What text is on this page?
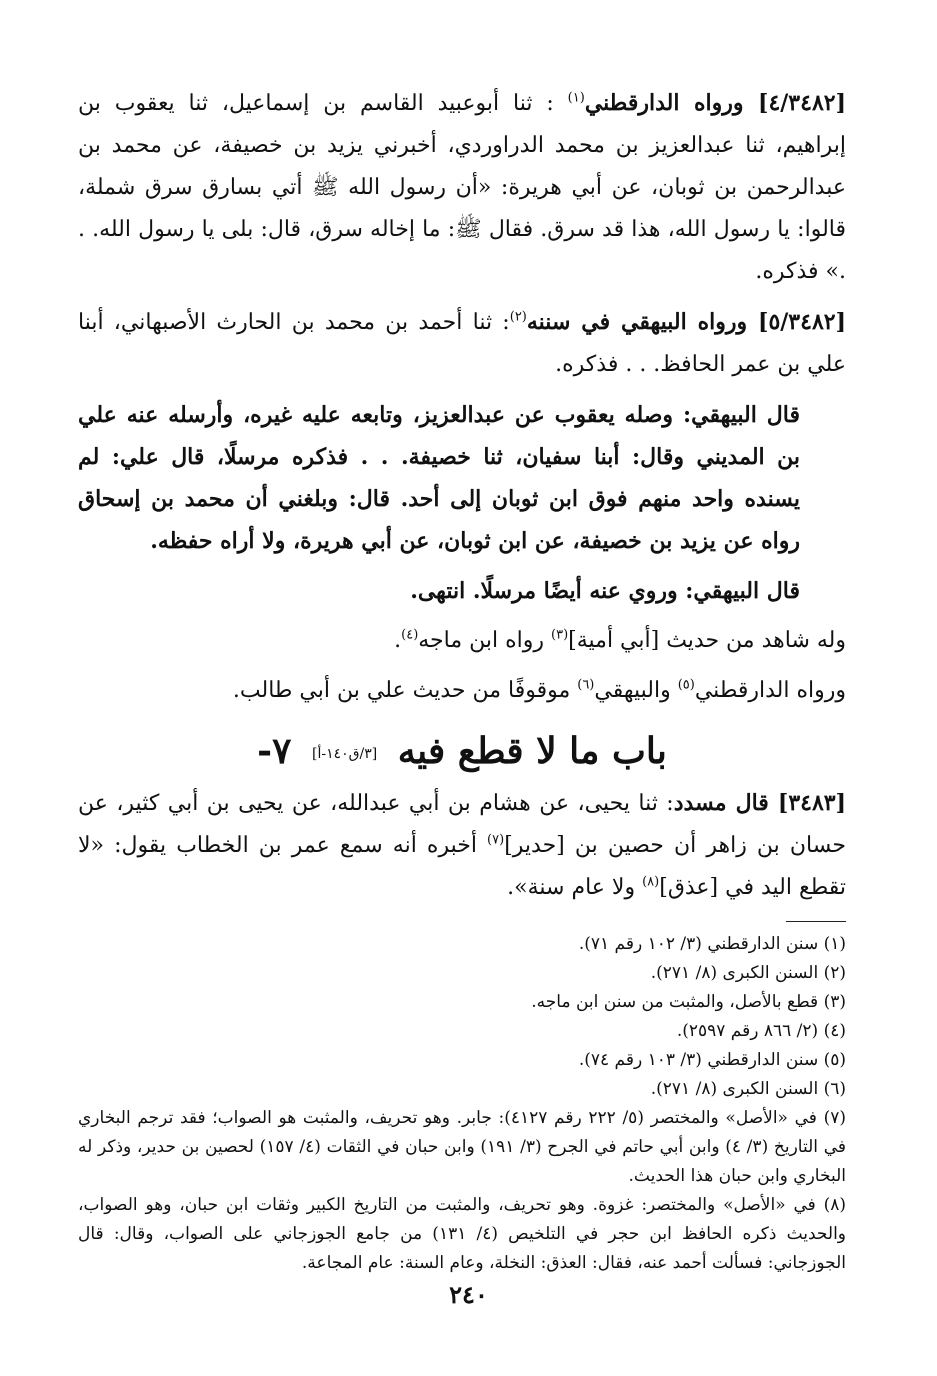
[٤/٣٤٨٢] ورواه الدارقطني$^{(١)}$ : ثنا أبوعبيد القاسم بن إسماعيل، ثنا يعقوب بن إبراهيم، ثنا عبدالعزيز بن محمد الدراوردي، أخبرني يزيد بن خصيفة، عن محمد بن عبدالرحمن بن ثوبان، عن أبي هريرة: «أن رسول الله ﷺ أتي بسارق سرق شملة، قالوا: يا رسول الله، هذا قد سرق. فقال ﷺ: ما إخاله سرق، قال: بلى يا رسول الله. . .» فذكره.

[٥/٣٤٨٢] ورواه البيهقي في سننه$^{(٢)}$: ثنا أحمد بن محمد بن الحارث الأصبهاني، أبنا علي بن عمر الحافظ. . . فذكره.

قال البيهقي: وصله يعقوب عن عبدالعزيز، وتابعه عليه غيره، وأرسله عنه علي بن المديني وقال: أبنا سفيان، ثنا خصيفة. . . فذكره مرسلًا، قال علي: لم يسنده واحد منهم فوق ابن ثوبان إلى أحد. قال: وبلغني أن محمد بن إسحاق رواه عن يزيد بن خصيفة، عن ابن ثوبان، عن أبي هريرة، ولا أراه حفظه.

قال البيهقي: وروي عنه أيضًا مرسلًا. انتهى.

وله شاهد من حديث [أبي أمية]$^{(٣)}$ رواه ابن ماجه$^{(٤)}$.

ورواه الدارقطني$^{(٥)}$ والبيهقي$^{(٦)}$ موقوفًا من حديث علي بن أبي طالب.

باب ما لا قطع فيه [٣/ق١٤٠-أ] ٧-

[٣٤٨٣] قال مسدد: ثنا يحيى، عن هشام بن أبي عبدالله، عن يحيى بن أبي كثير، عن حسان بن زاهر أن حصين بن [حدير]$^{(٧)}$ أخبره أنه سمع عمر بن الخطاب يقول: «لا تقطع اليد في [عذق]$^{(٨)}$ ولا عام سنة».

(١) سنن الدارقطني (٣/ ١٠٢ رقم ٧١).

(٢) السنن الكبرى (٨/ ٢٧١).

(٣) قطع بالأصل، والمثبت من سنن ابن ماجه.

(٤) (٢/ ٨٦٦ رقم ٢٥٩٧).

(٥) سنن الدارقطني (٣/ ١٠٣ رقم ٧٤).

(٦) السنن الكبرى (٨/ ٢٧١).

(٧) في «الأصل» والمختصر (٥/ ٢٢٢ رقم ٤١٢٧): جابر. وهو تحريف، والمثبت هو الصواب؛ فقد ترجم البخاري في التاريخ (٣/ ٤) وابن أبي حاتم في الجرح (٣/ ١٩١) وابن حبان في الثقات (٤/ ١٥٧) لحصين بن حدير، وذكر له البخاري وابن حبان هذا الحديث.

(٨) في «الأصل» والمختصر: غزوة. وهو تحريف، والمثبت من التاريخ الكبير وثقات ابن حبان، وهو الصواب، والحديث ذكره الحافظ ابن حجر في التلخيص (٤/ ١٣١) من جامع الجوزجاني على الصواب، وقال: قال الجوزجاني: فسألت أحمد عنه، فقال: العذق: النخلة، وعام السنة: عام المجاعة.

٢٤٠
